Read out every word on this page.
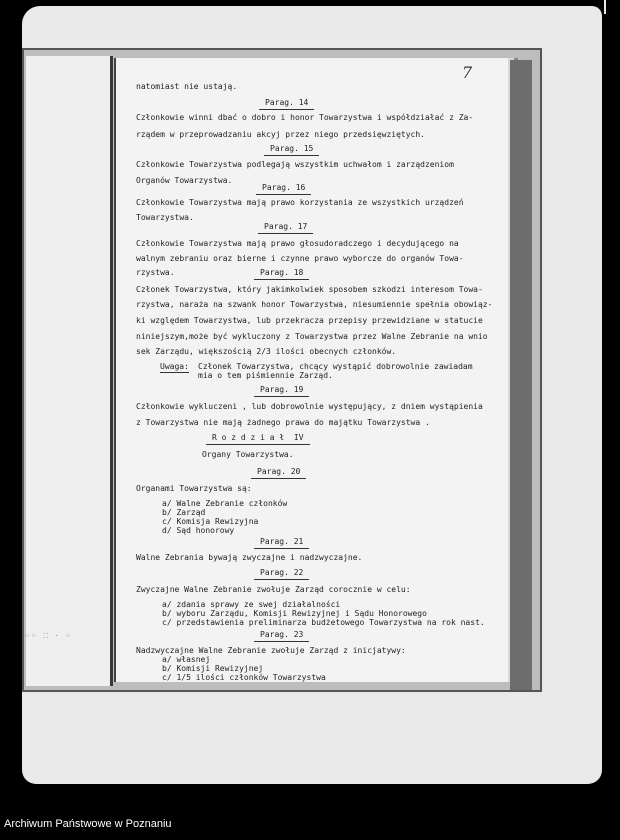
⁘⁘ ⁚⁚ · ⁘
7
natomiast nie ustają.
Parag. 14
Członkowie winni dbać o dobro i honor Towarzystwa i współdziałać z Za-
rządem w przeprowadzaniu akcyj przez niego przedsięwziętych.
Parag. 15
Członkowie Towarzystwa podlegają wszystkim uchwałom i zarządzeniom
Organów Towarzystwa.
Parag. 16
Członkowie Towarzystwa mają prawo korzystania ze wszystkich urządzeń
Towarzystwa.
Parag. 17
Członkowie Towarzystwa mają prawo głosudoradczego i decydującego na
walnym zebraniu oraz bierne i czynne prawo wyborcze do organów Towa-
rzystwa.	Parag. 18
Członek Towarzystwa, który jakimkolwiek sposobem szkodzi interesom Towa-
rzystwa, naraża na szwank honor Towarzystwa, niesumiennie spełnia obowiąz-
ki względem Towarzystwa, lub przekracza przepisy przewidziane w statucie
niniejszym,może być wykluczony z Towarzystwa przez Walne Zebranie na wnio
sek Zarządu, większością 2/3 ilości obecnych członków.
Uwaga: Członek Towarzystwa, chcący wystąpić dobrowolnie zawiadam
mia o tem piśmiennie Zarząd.
Parag. 19
Członkowie wykluczeni , lub dobrowolnie występujący, z dniem wystąpienia
z Towarzystwa nie mają żadnego prawa do majątku Towarzystwa .
R o z d z i a ł  IV
Organy Towarzystwa.
Parag. 20
Organami Towarzystwa są:
a/ Walne Zebranie członków
b/ Zarząd
c/ Komisja Rewizyjna
d/ Sąd honorowy
Parag. 21
Walne Zebrania bywają zwyczajne i nadzwyczajne.
Parag. 22
Zwyczajne Walne Zebranie zwołuje Zarząd corocznie w celu:
a/ zdania sprawy ze swej działalności
b/ wyboru Zarządu, Komisji Rewizyjnej i Sądu Honorowego
c/ przedstawienia preliminarza budżetowego Towarzystwa na rok nast.
Parag. 23
Nadzwyczajne Walne Zebranie zwołuje Zarząd z inicjatywy:
a/ własnej
b/ Komisji Rewizyjnej
c/ 1/5 ilości członków Towarzystwa
Archiwum Państwowe w Poznaniu
